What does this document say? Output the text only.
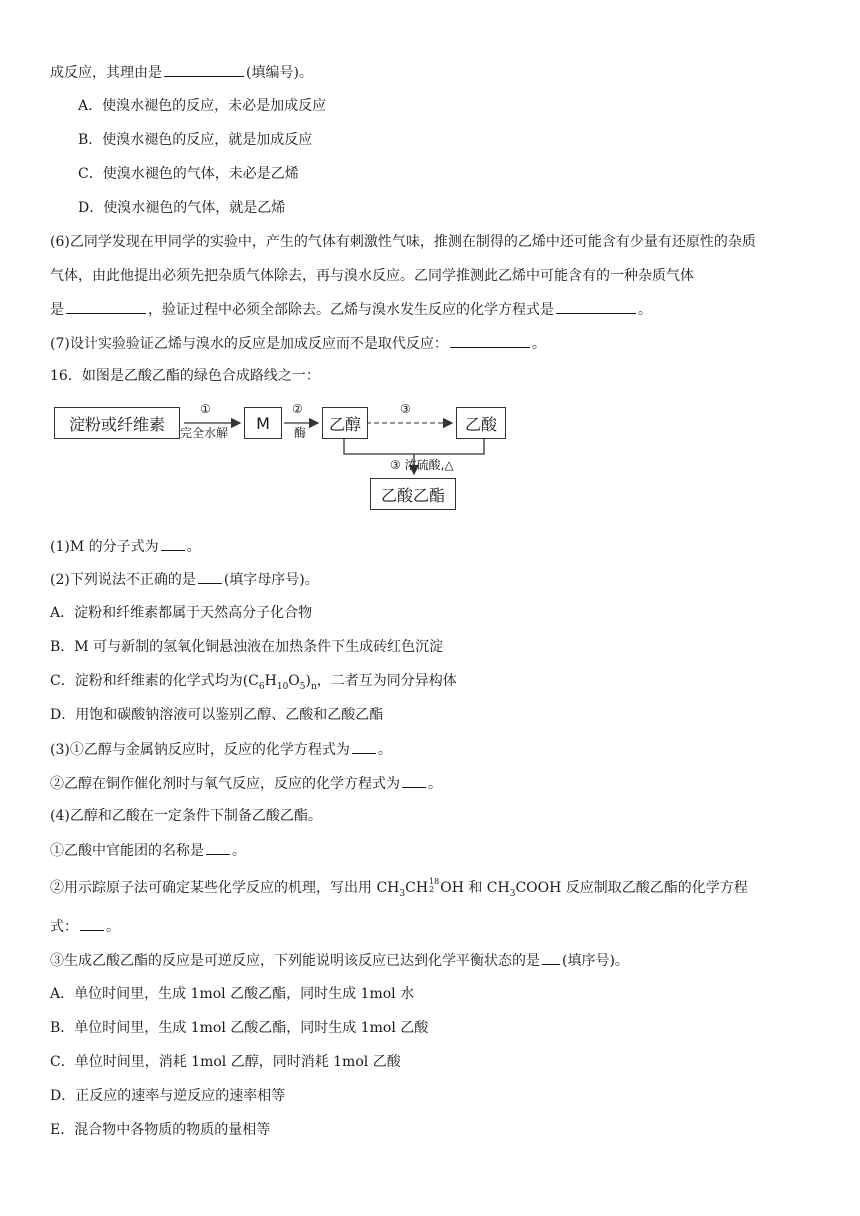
成反应，其理由是	(填编号)。
A．使溴水褪色的反应，未必是加成反应
B．使溴水褪色的反应，就是加成反应
C．使溴水褪色的气体，未必是乙烯
D．使溴水褪色的气体，就是乙烯
(6)乙同学发现在甲同学的实验中，产生的气体有刺激性气味，推测在制得的乙烯中还可能含有少量有还原性的杂质
气体，由此他提出必须先把杂质气体除去，再与溴水反应。乙同学推测此乙烯中可能含有的一种杂质气体
是	，验证过程中必须全部除去。乙烯与溴水发生反应的化学方程式是	。
(7)设计实验验证乙烯与溴水的反应是加成反应而不是取代反应：	。
16．如图是乙酸乙酯的绿色合成路线之一：
淀粉或纤维素	M	乙醇	乙酸
乙酸乙酯
①
完全水解
②
酶
③
③ 浓硫酸,△
(1)M 的分子式为 。
(2)下列说法不正确的是 (填字母序号)。
A．淀粉和纤维素都属于天然高分子化合物
B．M 可与新制的氢氧化铜悬浊液在加热条件下生成砖红色沉淀
C．淀粉和纤维素的化学式均为$(C_6H_{10}O_5)_n$，二者互为同分异构体
D．用饱和碳酸钠溶液可以鉴别乙醇、乙酸和乙酸乙酯
(3)①乙醇与金属钠反应时，反应的化学方程式为 。
②乙醇在铜作催化剂时与氧气反应，反应的化学方程式为 。
(4)乙醇和乙酸在一定条件下制备乙酸乙酯。
①乙酸中官能团的名称是 。
②用示踪原子法可确定某些化学反应的机理，写出用 $CH_3CH$ 18
2 OH 和 $CH_3COOH$ 反应制取乙酸乙酯的化学方程
式： 。
③生成乙酸乙酯的反应是可逆反应，下列能说明该反应已达到化学平衡状态的是 (填序号)。
A．单位时间里，生成 1mol 乙酸乙酯，同时生成 1mol 水
B．单位时间里，生成 1mol 乙酸乙酯，同时生成 1mol 乙酸
C．单位时间里，消耗 1mol 乙醇，同时消耗 1mol 乙酸
D．正反应的速率与逆反应的速率相等
E．混合物中各物质的物质的量相等
